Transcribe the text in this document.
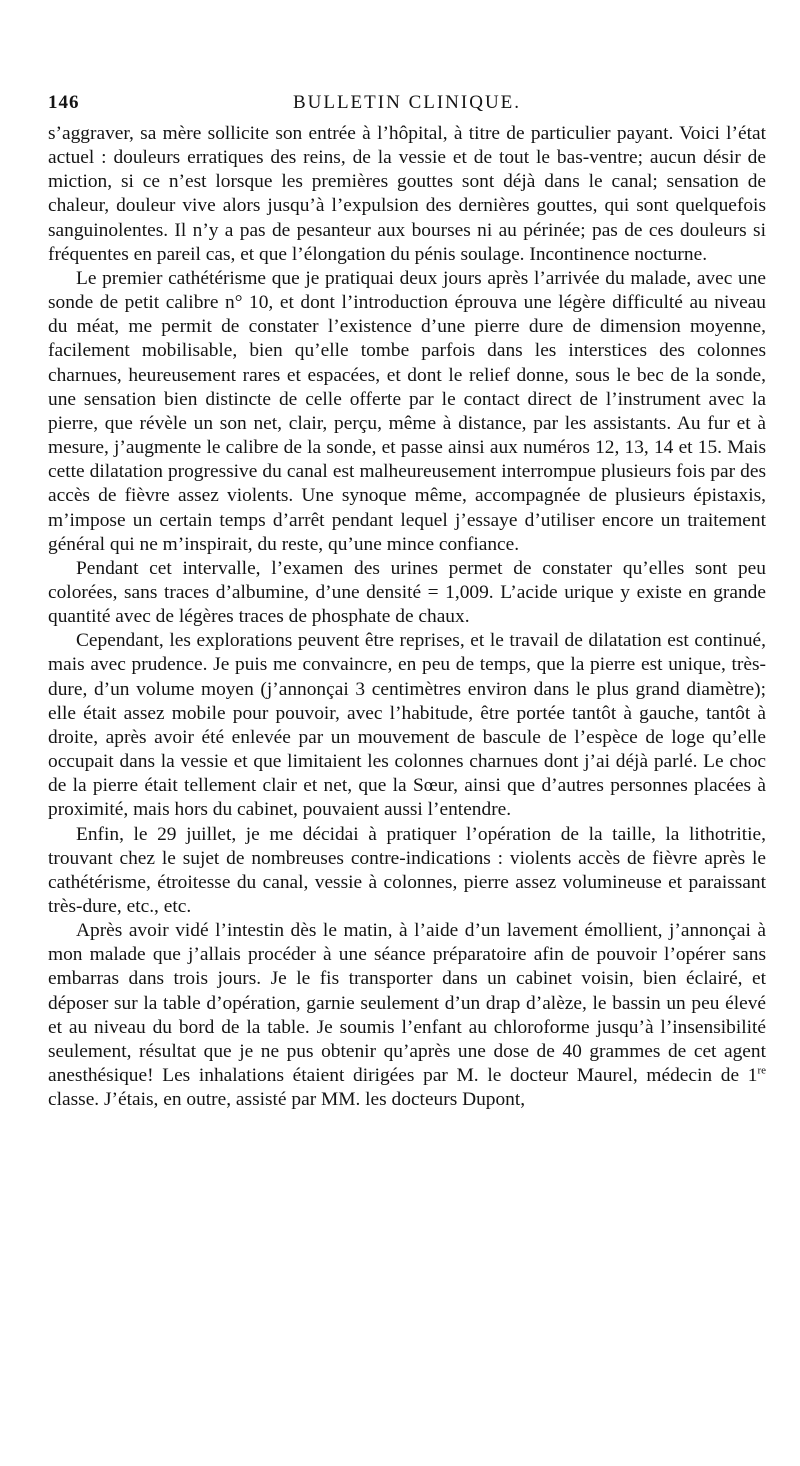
146	BULLETIN CLINIQUE.

s’aggraver, sa mère sollicite son entrée à l’hôpital, à titre de particulier payant. Voici l’état actuel : douleurs erratiques des reins, de la vessie et de tout le bas-ventre; aucun désir de miction, si ce n’est lorsque les premières gouttes sont déjà dans le canal; sensation de chaleur, douleur vive alors jusqu’à l’expulsion des dernières gouttes, qui sont quelquefois sanguinolentes. Il n’y a pas de pesanteur aux bourses ni au périnée; pas de ces douleurs si fréquentes en pareil cas, et que l’élongation du pénis soulage. Incontinence nocturne.

Le premier cathétérisme que je pratiquai deux jours après l’arrivée du malade, avec une sonde de petit calibre n° 10, et dont l’introduction éprouva une légère difficulté au niveau du méat, me permit de constater l’existence d’une pierre dure de dimension moyenne, facilement mobilisable, bien qu’elle tombe parfois dans les interstices des colonnes charnues, heureusement rares et espacées, et dont le relief donne, sous le bec de la sonde, une sensation bien distincte de celle offerte par le contact direct de l’instrument avec la pierre, que révèle un son net, clair, perçu, même à distance, par les assistants. Au fur et à mesure, j’augmente le calibre de la sonde, et passe ainsi aux numéros 12, 13, 14 et 15. Mais cette dilatation progressive du canal est malheureusement interrompue plusieurs fois par des accès de fièvre assez violents. Une synoque même, accompagnée de plusieurs épistaxis, m’impose un certain temps d’arrêt pendant lequel j’essaye d’utiliser encore un traitement général qui ne m’inspirait, du reste, qu’une mince confiance.

Pendant cet intervalle, l’examen des urines permet de constater qu’elles sont peu colorées, sans traces d’albumine, d’une densité = 1,009. L’acide urique y existe en grande quantité avec de légères traces de phosphate de chaux.

Cependant, les explorations peuvent être reprises, et le travail de dilatation est continué, mais avec prudence. Je puis me convaincre, en peu de temps, que la pierre est unique, très-dure, d’un volume moyen (j’annonçai 3 centimètres environ dans le plus grand diamètre); elle était assez mobile pour pouvoir, avec l’habitude, être portée tantôt à gauche, tantôt à droite, après avoir été enlevée par un mouvement de bascule de l’espèce de loge qu’elle occupait dans la vessie et que limitaient les colonnes charnues dont j’ai déjà parlé. Le choc de la pierre était tellement clair et net, que la Sœur, ainsi que d’autres personnes placées à proximité, mais hors du cabinet, pouvaient aussi l’entendre.

Enfin, le 29 juillet, je me décidai à pratiquer l’opération de la taille, la lithotritie, trouvant chez le sujet de nombreuses contre-indications : violents accès de fièvre après le cathétérisme, étroitesse du canal, vessie à colonnes, pierre assez volumineuse et paraissant très-dure, etc., etc.

Après avoir vidé l’intestin dès le matin, à l’aide d’un lavement émollient, j’annonçai à mon malade que j’allais procéder à une séance préparatoire afin de pouvoir l’opérer sans embarras dans trois jours. Je le fis transporter dans un cabinet voisin, bien éclairé, et déposer sur la table d’opération, garnie seulement d’un drap d’alèze, le bassin un peu élevé et au niveau du bord de la table. Je soumis l’enfant au chloroforme jusqu’à l’insensibilité seulement, résultat que je ne pus obtenir qu’après une dose de 40 grammes de cet agent anesthésique! Les inhalations étaient dirigées par M. le docteur Maurel, médecin de 1re classe. J’étais, en outre, assisté par MM. les docteurs Dupont,
